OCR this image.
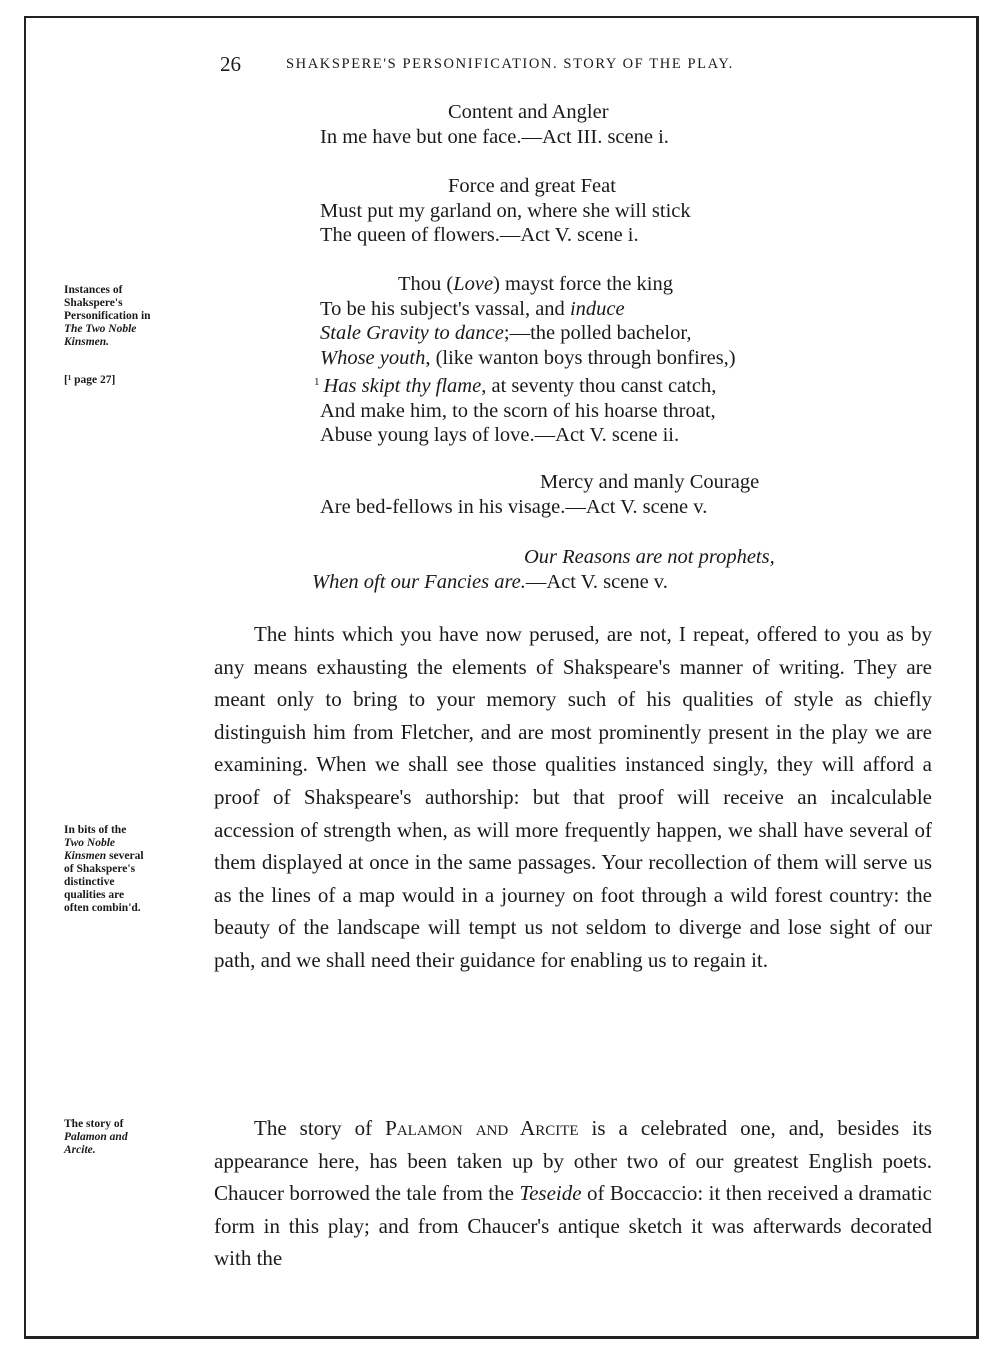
26	SHAKSPERE'S PERSONIFICATION. STORY OF THE PLAY.
Content and Angler
In me have but one face.—Act III. scene i.
Force and great Feat
Must put my garland on, where she will stick
The queen of flowers.—Act V. scene i.
Thou (Love) mayst force the king
To be his subject's vassal, and induce
Stale Gravity to dance;—the polled bachelor,
Whose youth, (like wanton boys through bonfires,)
$^1$ Has skipt thy flame, at seventy thou canst catch,
And make him, to the scorn of his hoarse throat,
Abuse young lays of love.—Act V. scene ii.
Mercy and manly Courage
Are bed-fellows in his visage.—Act V. scene v.
Our Reasons are not prophets,
When oft our Fancies are.—Act V. scene v.
Instances of
Shakspere's
Personification in
The Two Noble
Kinsmen.
[¹ page 27]
In bits of the
Two Noble
Kinsmen several
of Shakspere's
distinctive
qualities are
often combin'd.
The story of
Palamon and
Arcite.

The hints which you have now perused, are not, I repeat, offered to you as by any means exhausting the elements of Shakspeare's manner of writing. They are meant only to bring to your memory such of his qualities of style as chiefly distinguish him from Fletcher, and are most prominently present in the play we are examining. When we shall see those qualities instanced singly, they will afford a proof of Shakspeare's authorship: but that proof will receive an incalculable accession of strength when, as will more frequently happen, we shall have several of them displayed at once in the same passages. Your recollection of them will serve us as the lines of a map would in a journey on foot through a wild forest country: the beauty of the landscape will tempt us not seldom to diverge and lose sight of our path, and we shall need their guidance for enabling us to regain it.

The story of Palamon and Arcite is a celebrated one, and, besides its appearance here, has been taken up by other two of our greatest English poets. Chaucer borrowed the tale from the Teseide of Boccaccio: it then received a dramatic form in this play; and from Chaucer's antique sketch it was afterwards decorated with the
